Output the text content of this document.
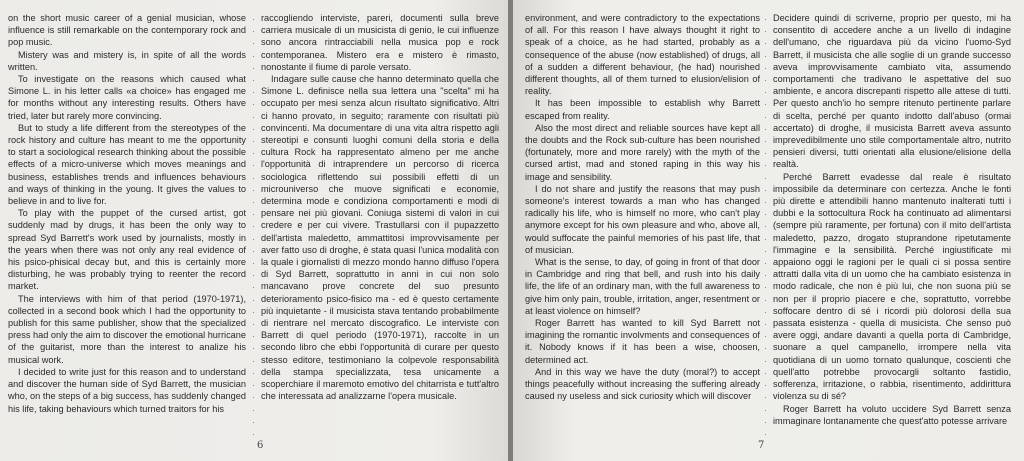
on the short music career of a genial musician, whose influence is still remarkable on the contemporary rock and pop music.

Mistery was and mistery is, in spite of all the words written.

To investigate on the reasons which caused what Simone L. in his letter calls «a choice» has engaged me for months without any interesting results. Others have tried, later but rarely more convincing.

But to study a life different from the stereotypes of the rock history and culture has meant to me the opportunity to start a sociological research thinking about the possible effects of a micro-universe which moves meanings and business, establishes trends and influences behaviours and ways of thinking in the young. It gives the values to believe in and to live for.

To play with the puppet of the cursed artist, got suddenly mad by drugs, it has been the only way to spread Syd Barrett's work used by journalists, mostly in the years when there was not only any real evidence of his psico-phisical decay but, and this is certainly more disturbing, he was probably trying to reenter the record market.

The interviews with him of that period (1970-1971), collected in a second book which I had the opportunity to publish for this same publisher, show that the specialized press had only the aim to discover the emotional hurricane of the guitarist, more than the interest to analize his musical work.

I decided to write just for this reason and to understand and discover the human side of Syd Barrett, the musician who, on the steps of a big success, has suddenly changed his life, taking behaviours which turned traitors for his

·
·
·
·
·
·
·
·
·
·
·
·
·
·
·
·
·
·
·
·
·
·
·
·
·
·
·
·
·
·
·
·
·
·
·

raccogliendo interviste, pareri, documenti sulla breve carriera musicale di un musicista di genio, le cui influenze sono ancora rintracciabili nella musica pop e rock contemporanea. Mistero era e mistero è rimasto, nonostante il fiume di parole versato.

Indagare sulle cause che hanno determinato quella che Simone L. definisce nella sua lettera una "scelta" mi ha occupato per mesi senza alcun risultato significativo. Altri ci hanno provato, in seguito; raramente con risultati più convincenti. Ma documentare di una vita altra rispetto agli stereotipi e consunti luoghi comuni della storia e della cultura Rock ha rappresentato almeno per me anche l'opportunità di intraprendere un percorso di ricerca sociologica riflettendo sui possibili effetti di un microuniverso che muove significati e economie, determina mode e condiziona comportamenti e modi di pensare nei più giovani. Coniuga sistemi di valori in cui credere e per cui vivere. Trastullarsi con il pupazzetto dell'artista maledetto, ammattitosi improvvisamente per aver fatto uso di droghe, è stata quasi l'unica modalità con la quale i giornalisti di mezzo mondo hanno diffuso l'opera di Syd Barrett, soprattutto in anni in cui non solo mancavano prove concrete del suo presunto deterioramento psico-fisico ma - ed è questo certamente più inquietante - il musicista stava tentando probabilmente di rientrare nel mercato discografico. Le interviste con Barrett di quel periodo (1970-1971), raccolte in un secondo libro che ebbi l'opportunità di curare per questo stesso editore, testimoniano la colpevole responsabilità della stampa specializzata, tesa unicamente a scoperchiare il maremoto emotivo del chitarrista e tutt'altro che interessata ad analizzarne l'opera musicale.

6

environment, and were contradictory to the expectations of all. For this reason I have always thought it right to speak of a choice, as he had started, probably as a consequence of the abuse (now established) of drugs, all of a sudden a different behaviour, (he had) nourished different thoughts, all of them turned to elusion/elision of reality.

It has been impossible to establish why Barrett escaped from reality.

Also the most direct and reliable sources have kept all the doubts and the Rock sub-culture has been nourished (fortunately, more and more rarely) with the myth of the cursed artist, mad and stoned raping in this way his image and sensibility.

I do not share and justify the reasons that may push someone's interest towards a man who has changed radically his life, who is himself no more, who can't play anymore except for his own pleasure and who, above all, would suffocate the painful memories of his past life, that of musician.

What is the sense, to day, of going in front of that door in Cambridge and ring that bell, and rush into his daily life, the life of an ordinary man, with the full awareness to give him only pain, trouble, irritation, anger, resentment or at least violence on himself?

Roger Barrett has wanted to kill Syd Barrett not imagining the romantic involvments and consequences of it. Nobody knows if it has been a wise, choosen, determined act.

And in this way we have the duty (moral?) to accept things peacefully without increasing the suffering already caused ny useless and sick curiosity which will discover

·
·
·
·
·
·
·
·
·
·
·
·
·
·
·
·
·
·
·
·
·
·
·
·
·
·
·
·
·
·
·
·
·
·
·

Decidere quindi di scriverne, proprio per questo, mi ha consentito di accedere anche a un livello di indagine dell'umano, che riguardava più da vicino l'uomo-Syd Barrett, il musicista che alle soglie di un grande successo aveva improvvisamente cambiato vita, assumendo comportamenti che tradivano le aspettative del suo ambiente, e ancora discrepanti rispetto alle attese di tutti. Per questo anch'io ho sempre ritenuto pertinente parlare di scelta, perché per quanto indotto dall'abuso (ormai accertato) di droghe, il musicista Barrett aveva assunto imprevedibilmente uno stile comportamentale altro, nutrito pensieri diversi, tutti orientati alla elusione/elisione della realtà.

Perché Barrett evadesse dal reale è risultato impossibile da determinare con certezza. Anche le fonti più dirette e attendibili hanno mantenuto inalterati tutti i dubbi e la sottocultura Rock ha continuato ad alimentarsi (sempre più raramente, per fortuna) con il mito dell'artista maledetto, pazzo, drogato stuprandone ripetutamente l'immagine e la sensibilità. Perché ingiustificate mi appaiono oggi le ragioni per le quali ci si possa sentire attratti dalla vita di un uomo che ha cambiato esistenza in modo radicale, che non è più lui, che non suona più se non per il proprio piacere e che, soprattutto, vorrebbe soffocare dentro di sé i ricordi più dolorosi della sua passata esistenza - quella di musicista. Che senso può avere oggi, andare davanti a quella porta di Cambridge, suonare a quel campanello, irrompere nella vita quotidiana di un uomo tornato qualunque, coscienti che quell'atto potrebbe provocargli soltanto fastidio, sofferenza, irritazione, o rabbia, risentimento, addirittura violenza su di sé?

Roger Barrett ha voluto uccidere Syd Barrett senza immaginare lontanamente che quest'atto potesse arrivare

7
